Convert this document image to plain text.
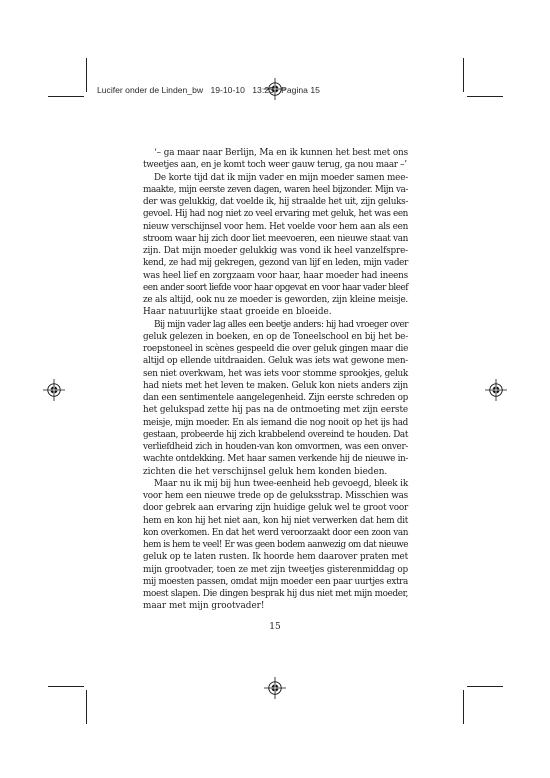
Lucifer onder de Linden_bw 19-10-10 13:23 Pagina 15
‘– ga maar naar Berlijn, Ma en ik kunnen het best met ons
tweetjes aan, en je komt toch weer gauw terug, ga nou maar –’
De korte tijd dat ik mijn vader en mijn moeder samen mee-
maakte, mijn eerste zeven dagen, waren heel bijzonder. Mijn va-
der was gelukkig, dat voelde ik, hij straalde het uit, zijn geluks-
gevoel. Hij had nog niet zo veel ervaring met geluk, het was een
nieuw verschijnsel voor hem. Het voelde voor hem aan als een
stroom waar hij zich door liet meevoeren, een nieuwe staat van
zijn. Dat mijn moeder gelukkig was vond ik heel vanzelfspre-
kend, ze had mij gekregen, gezond van lijf en leden, mijn vader
was heel lief en zorgzaam voor haar, haar moeder had ineens
een ander soort liefde voor haar opgevat en voor haar vader bleef
ze als altijd, ook nu ze moeder is geworden, zijn kleine meisje.
Haar natuurlijke staat groeide en bloeide.
Bij mijn vader lag alles een beetje anders: hij had vroeger over
geluk gelezen in boeken, en op de Toneelschool en bij het be-
roepstoneel in scènes gespeeld die over geluk gingen maar die
altijd op ellende uitdraaiden. Geluk was iets wat gewone men-
sen niet overkwam, het was iets voor stomme sprookjes, geluk
had niets met het leven te maken. Geluk kon niets anders zijn
dan een sentimentele aangelegenheid. Zijn eerste schreden op
het gelukspad zette hij pas na de ontmoeting met zijn eerste
meisje, mijn moeder. En als iemand die nog nooit op het ijs had
gestaan, probeerde hij zich krabbelend overeind te houden. Dat
verliefdheid zich in houden-van kon omvormen, was een onver-
wachte ontdekking. Met haar samen verkende hij de nieuwe in-
zichten die het verschijnsel geluk hem konden bieden.
Maar nu ik mij bij hun twee-eenheid heb gevoegd, bleek ik
voor hem een nieuwe trede op de geluksstrap. Misschien was
door gebrek aan ervaring zijn huidige geluk wel te groot voor
hem en kon hij het niet aan, kon hij niet verwerken dat hem dit
kon overkomen. En dat het werd veroorzaakt door een zoon van
hem is hem te veel! Er was geen bodem aanwezig om dat nieuwe
geluk op te laten rusten. Ik hoorde hem daarover praten met
mijn grootvader, toen ze met zijn tweetjes gisterenmiddag op
mij moesten passen, omdat mijn moeder een paar uurtjes extra
moest slapen. Die dingen besprak hij dus niet met mijn moeder,
maar met mijn grootvader!
15
